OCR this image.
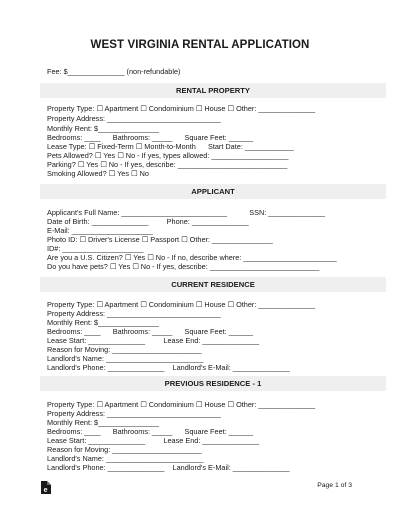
WEST VIRGINIA RENTAL APPLICATION
Fee: $______________ (non-refundable)
RENTAL PROPERTY
Property Type: ☐ Apartment ☐ Condominium ☐ House ☐ Other: ______________
Property Address: ____________________________
Monthly Rent: $_______________
Bedrooms: ____      Bathrooms: _____      Square Feet: ______
Lease Type: ☐ Fixed-Term ☐ Month-to-Month      Start Date: ____________
Pets Allowed? ☐ Yes ☐ No - If yes, types allowed: ___________________
Parking? ☐ Yes ☐ No - If yes, describe: ___________________________
Smoking Allowed? ☐ Yes ☐ No
APPLICANT
Applicant's Full Name: __________________________           SSN: ______________
Date of Birth: ______________         Phone: ______________
E-Mail: ____________________
Photo ID: ☐ Driver's License ☐ Passport ☐ Other: _______________
ID#: ____________________
Are you a U.S. Citizen? ☐ Yes ☐ No - If no, describe where: _______________________
Do you have pets? ☐ Yes ☐ No - If yes, describe: ___________________________
CURRENT RESIDENCE
Property Type: ☐ Apartment ☐ Condominium ☐ House ☐ Other: ______________
Property Address: ____________________________
Monthly Rent: $_______________
Bedrooms: ____      Bathrooms: _____      Square Feet: ______
Lease Start: ______________         Lease End: ______________
Reason for Moving: ______________________
Landlord's Name: ________________________
Landlord's Phone: ______________    Landlord's E-Mail: ______________
PREVIOUS RESIDENCE - 1
Property Type: ☐ Apartment ☐ Condominium ☐ House ☐ Other: ______________
Property Address: ____________________________
Monthly Rent: $_______________
Bedrooms: ____      Bathrooms: _____      Square Feet: ______
Lease Start: ______________         Lease End: ______________
Reason for Moving: ______________________
Landlord's Name: ________________________
Landlord's Phone: ______________    Landlord's E-Mail: ______________
e
Page 1 of 3
